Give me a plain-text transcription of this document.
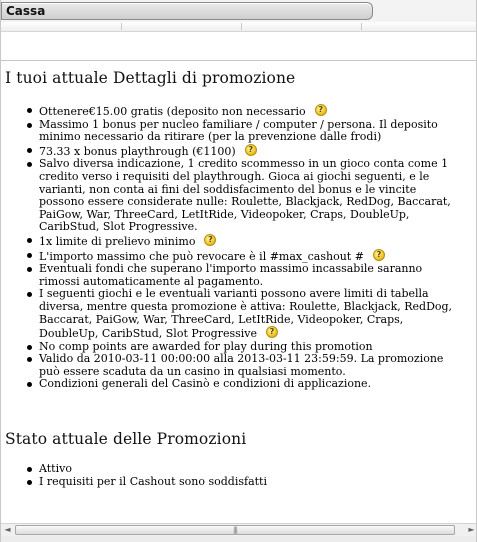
Cassa
I tuoi attuale Dettagli di promozione
Ottenere€15.00 gratis (deposito non necessario?
Massimo 1 bonus per nucleo familiare / computer / persona. Il deposito minimo necessario da ritirare (per la prevenzione dalle frodi)
73.33 x bonus playthrough (€1100)?
Salvo diversa indicazione, 1 credito scommesso in un gioco conta come 1 credito verso i requisiti del playthrough. Gioca ai giochi seguenti, e le varianti, non conta ai fini del soddisfacimento del bonus e le vincite possono essere considerate nulle: Roulette, Blackjack, RedDog, Baccarat, PaiGow, War, ThreeCard, LetItRide, Videopoker, Craps, DoubleUp, CaribStud, Slot Progressive.
1x limite di prelievo minimo?
L'importo massimo che può revocare è il #max_cashout #?
Eventuali fondi che superano l'importo massimo incassabile saranno rimossi automaticamente al pagamento.
I seguenti giochi e le eventuali varianti possono avere limiti di tabella diversa, mentre questa promozione è attiva: Roulette, Blackjack, RedDog, Baccarat, PaiGow, War, ThreeCard, LetItRide, Videopoker, Craps, DoubleUp, CaribStud, Slot Progressive?
No comp points are awarded for play during this promotion
Valido da 2010-03-11 00:00:00 alla 2013-03-11 23:59:59. La promozione può essere scaduta da un casino in qualsiasi momento.
Condizioni generali del Casinò e condizioni di applicazione.
Stato attuale delle Promozioni
Attivo
I requisiti per il Cashout sono soddisfatti
◄	|||	►
